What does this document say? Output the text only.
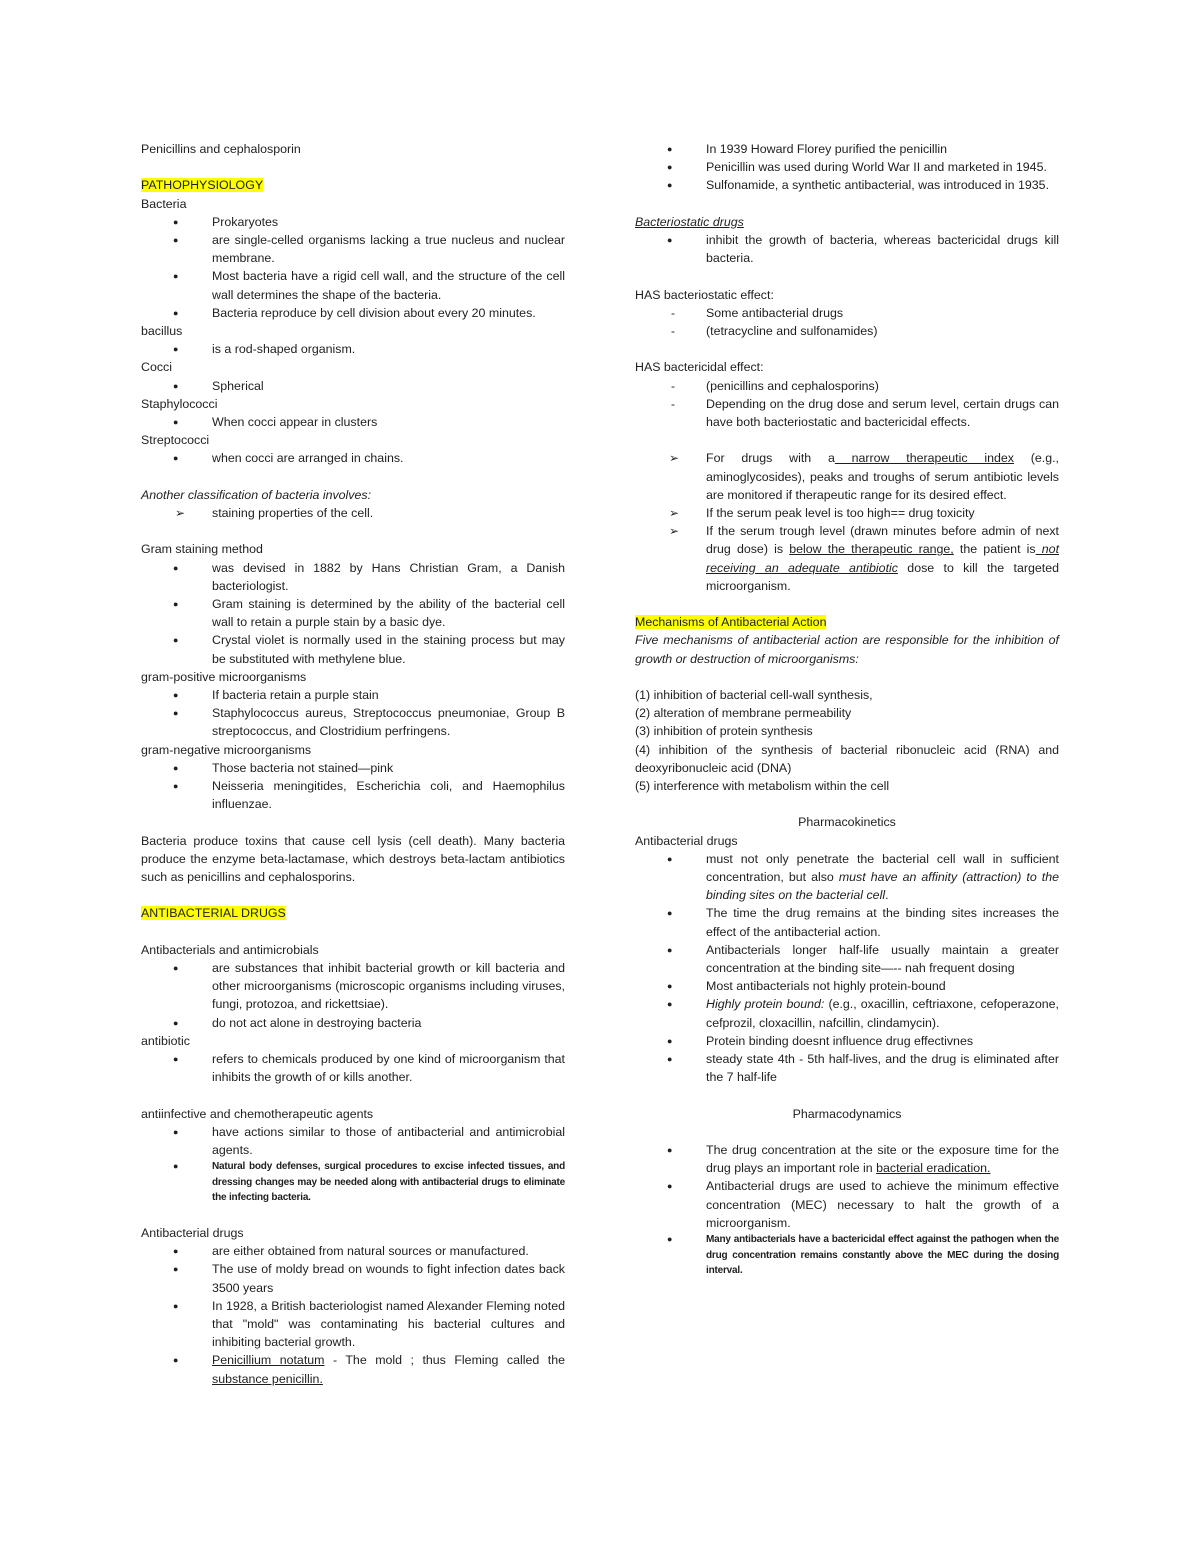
Penicillins and cephalosporin
PATHOPHYSIOLOGY
Bacteria
● Prokaryotes
● are single-celled organisms lacking a true nucleus and nuclear membrane.
● Most bacteria have a rigid cell wall, and the structure of the cell wall determines the shape of the bacteria.
● Bacteria reproduce by cell division about every 20 minutes.
bacillus
● is a rod-shaped organism.
Cocci
● Spherical
Staphylococci
● When cocci appear in clusters
Streptococci
● when cocci are arranged in chains.
Another classification of bacteria involves:
➢ staining properties of the cell.
Gram staining method
● was devised in 1882 by Hans Christian Gram, a Danish bacteriologist.
● Gram staining is determined by the ability of the bacterial cell wall to retain a purple stain by a basic dye.
● Crystal violet is normally used in the staining process but may be substituted with methylene blue.
gram-positive microorganisms
● If bacteria retain a purple stain
● Staphylococcus aureus, Streptococcus pneumoniae, Group B streptococcus, and Clostridium perfringens.
gram-negative microorganisms
● Those bacteria not stained—pink
● Neisseria meningitides, Escherichia coli, and Haemophilus influenzae.
Bacteria produce toxins that cause cell lysis (cell death). Many bacteria produce the enzyme beta-lactamase, which destroys beta-lactam antibiotics such as penicillins and cephalosporins.
ANTIBACTERIAL DRUGS
Antibacterials and antimicrobials
● are substances that inhibit bacterial growth or kill bacteria and other microorganisms (microscopic organisms including viruses, fungi, protozoa, and rickettsiae).
● do not act alone in destroying bacteria
antibiotic
● refers to chemicals produced by one kind of microorganism that inhibits the growth of or kills another.
antiinfective and chemotherapeutic agents
● have actions similar to those of antibacterial and antimicrobial agents.
● Natural body defenses, surgical procedures to excise infected tissues, and dressing changes may be needed along with antibacterial drugs to eliminate the infecting bacteria.
Antibacterial drugs
● are either obtained from natural sources or manufactured.
● The use of moldy bread on wounds to fight infection dates back 3500 years
● In 1928, a British bacteriologist named Alexander Fleming noted that "mold" was contaminating his bacterial cultures and inhibiting bacterial growth.
● Penicillium notatum - The mold ; thus Fleming called the substance penicillin.
● In 1939 Howard Florey purified the penicillin
● Penicillin was used during World War II and marketed in 1945.
● Sulfonamide, a synthetic antibacterial, was introduced in 1935.
Bacteriostatic drugs
● inhibit the growth of bacteria, whereas bactericidal drugs kill bacteria.
HAS bacteriostatic effect:
- Some antibacterial drugs
- (tetracycline and sulfonamides)
HAS bactericidal effect:
- (penicillins and cephalosporins)
- Depending on the drug dose and serum level, certain drugs can have both bacteriostatic and bactericidal effects.
➢ For drugs with a narrow therapeutic index (e.g., aminoglycosides), peaks and troughs of serum antibiotic levels are monitored if therapeutic range for its desired effect.
➢ If the serum peak level is too high== drug toxicity
➢ If the serum trough level (drawn minutes before admin of next drug dose) is below the therapeutic range, the patient is not receiving an adequate antibiotic dose to kill the targeted microorganism.
Mechanisms of Antibacterial Action
Five mechanisms of antibacterial action are responsible for the inhibition of growth or destruction of microorganisms:
(1) inhibition of bacterial cell-wall synthesis,
(2) alteration of membrane permeability
(3) inhibition of protein synthesis
(4) inhibition of the synthesis of bacterial ribonucleic acid (RNA) and deoxyribonucleic acid (DNA)
(5) interference with metabolism within the cell
Pharmacokinetics
Antibacterial drugs
● must not only penetrate the bacterial cell wall in sufficient concentration, but also must have an affinity (attraction) to the binding sites on the bacterial cell.
● The time the drug remains at the binding sites increases the effect of the antibacterial action.
● Antibacterials longer half-life usually maintain a greater concentration at the binding site—-- nah frequent dosing
● Most antibacterials not highly protein-bound
● Highly protein bound: (e.g., oxacillin, ceftriaxone, cefoperazone, cefprozil, cloxacillin, nafcillin, clindamycin).
● Protein binding doesnt influence drug effectivnes
● steady state 4th - 5th half-lives, and the drug is eliminated after the 7 half-life
Pharmacodynamics
● The drug concentration at the site or the exposure time for the drug plays an important role in bacterial eradication.
● Antibacterial drugs are used to achieve the minimum effective concentration (MEC) necessary to halt the growth of a microorganism.
● Many antibacterials have a bactericidal effect against the pathogen when the drug concentration remains constantly above the MEC during the dosing interval.
